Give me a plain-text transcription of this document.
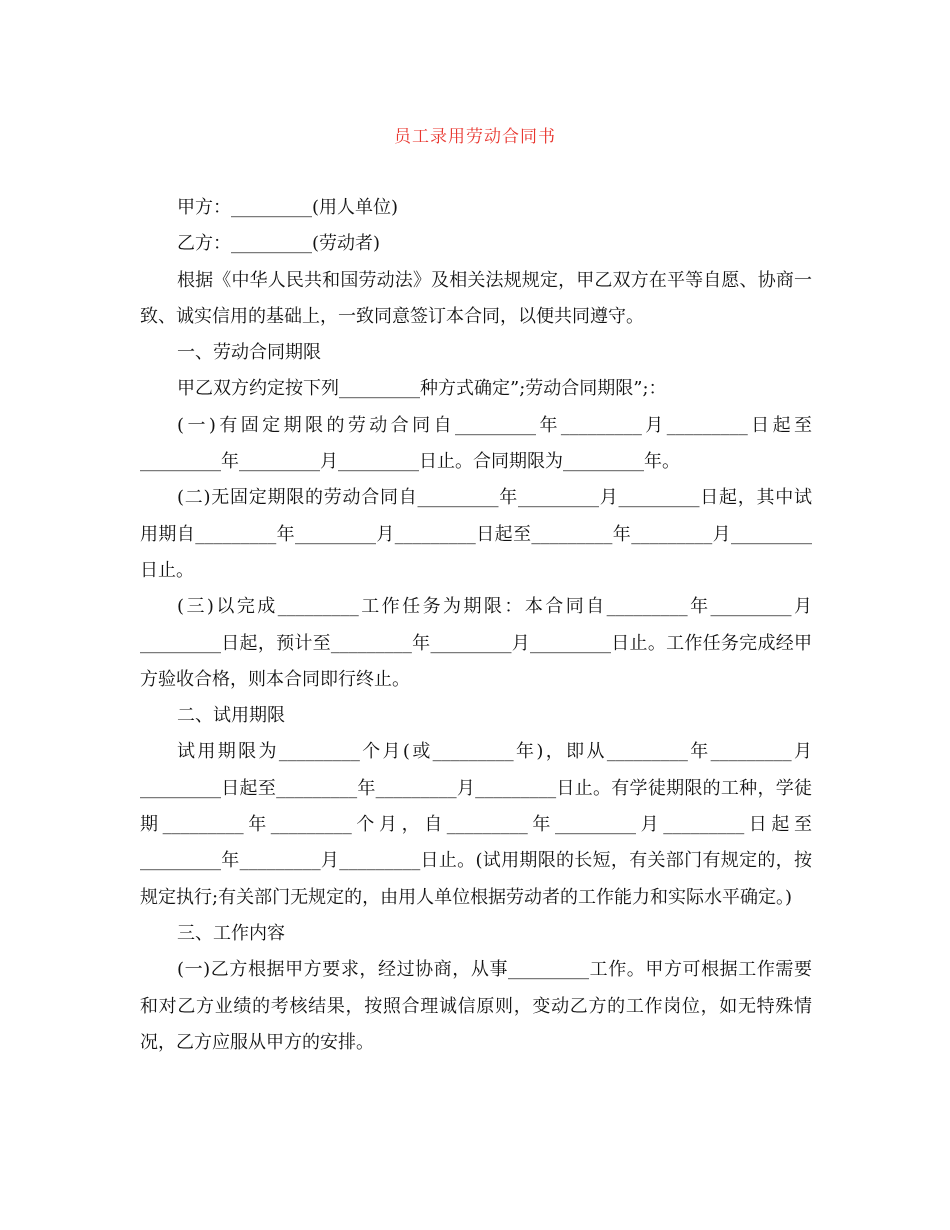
员工录用劳动合同书

甲方：_________(用人单位)

乙方：_________(劳动者)

根据《中华人民共和国劳动法》及相关法规规定，甲乙双方在平等自愿、协商一致、诚实信用的基础上，一致同意签订本合同，以便共同遵守。

一、劳动合同期限

甲乙双方约定按下列_________种方式确定”;劳动合同期限”;：

(一)有固定期限的劳动合同自_________年_________月_________日起至_________年_________月_________日止。合同期限为_________年。

(二)无固定期限的劳动合同自_________年_________月_________日起，其中试用期自_________年_________月_________日起至_________年_________月_________日止。

(三)以完成_________工作任务为期限：本合同自_________年_________月_________日起，预计至_________年_________月_________日止。工作任务完成经甲方验收合格，则本合同即行终止。

二、试用期限

试用期限为_________个月(或_________年)，即从_________年_________月_________日起至_________年_________月_________日止。有学徒期限的工种，学徒期_________年_________个月，自_________年_________月_________日起至_________年_________月_________日止。(试用期限的长短，有关部门有规定的，按规定执行;有关部门无规定的，由用人单位根据劳动者的工作能力和实际水平确定。)

三、工作内容

(一)乙方根据甲方要求，经过协商，从事_________工作。甲方可根据工作需要和对乙方业绩的考核结果，按照合理诚信原则，变动乙方的工作岗位，如无特殊情况，乙方应服从甲方的安排。
